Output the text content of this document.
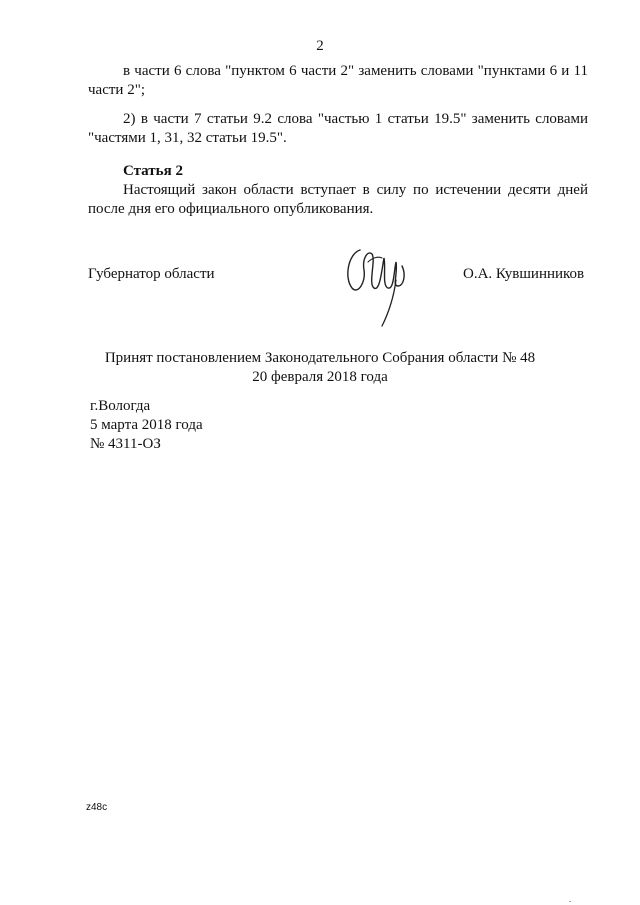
2

в части 6 слова "пунктом 6 части 2" заменить словами "пунктами 6 и 11 части 2";

2) в части 7 статьи 9.2 слова "частью 1 статьи 19.5" заменить словами "частями 1, 31, 32 статьи 19.5".

Статья 2

Настоящий закон области вступает в силу по истечении десяти дней после дня его официального опубликования.

Губернатор области	О.А. Кувшинников
Принят постановлением Законодательного Собрания области № 48
20 февраля 2018 года
г.Вологда
5 марта 2018 года
№ 4311-ОЗ
z48c
.
